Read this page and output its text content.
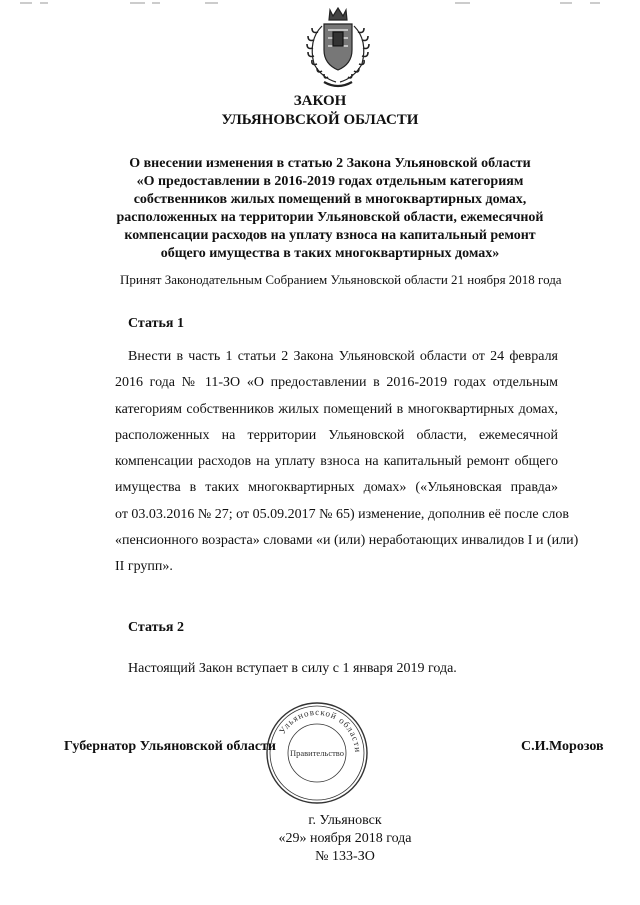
ЗАКОН
УЛЬЯНОВСКОЙ ОБЛАСТИ
О внесении изменения в статью 2 Закона Ульяновской области
«О предоставлении в 2016-2019 годах отдельным категориям
собственников жилых помещений в многоквартирных домах,
расположенных на территории Ульяновской области, ежемесячной
компенсации расходов на уплату взноса на капитальный ремонт
общего имущества в таких многоквартирных домах»
Принят Законодательным Собранием Ульяновской области 21 ноября 2018 года
Статья 1
Внести в часть 1 статьи 2 Закона Ульяновской области от 24 февраля
2016 года № 11-ЗО «О предоставлении в 2016-2019 годах отдельным
категориям собственников жилых помещений в многоквартирных домах,
расположенных на территории Ульяновской области, ежемесячной
компенсации расходов на уплату взноса на капитальный ремонт общего
имущества в таких многоквартирных домах» («Ульяновская правда»
от 03.03.2016 № 27; от 05.09.2017 № 65) изменение, дополнив её после слов
«пенсионного возраста» словами «и (или) неработающих инвалидов I и (или)
II групп».
Статья 2
Настоящий Закон вступает в силу с 1 января 2019 года.
Ульяновской области
Правительство
Губернатор Ульяновской области	С.И.Морозов
г. Ульяновск
«29» ноября 2018 года
№ 133-ЗО
